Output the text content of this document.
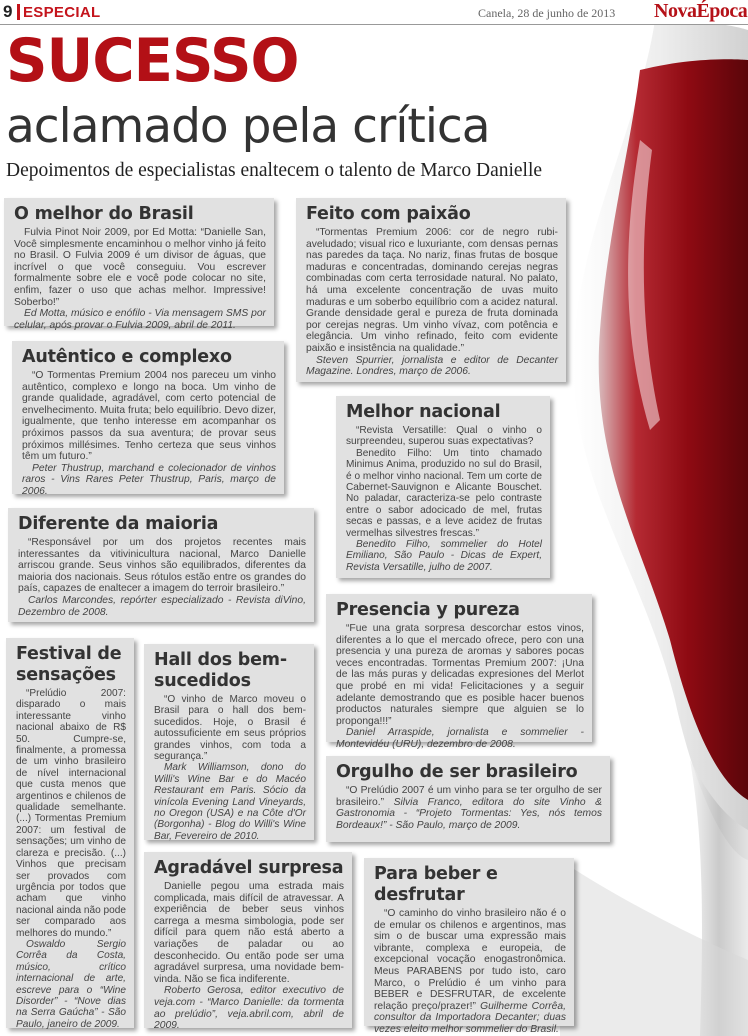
9 ESPECIAL	Canela, 28 de junho de 2013 NovaÉpoca
SUCESSO
aclamado pela crítica
Depoimentos de especialistas enaltecem o talento de Marco Danielle
O melhor do Brasil

Fulvia Pinot Noir 2009, por Ed Motta: “Danielle San, Você simplesmente encaminhou o melhor vinho já feito no Brasil. O Fulvia 2009 é um divisor de águas, que incrível o que você conseguiu. Vou escrever formalmente sobre ele e você pode colocar no site, enfim, fazer o uso que achas melhor. Impressive! Soberbo!”

Ed Motta, músico e enófilo - Via mensagem SMS por celular, após provar o Fulvia 2009, abril de 2011.

Feito com paixão

“Tormentas Premium 2006: cor de negro rubi-aveludado; visual rico e luxuriante, com densas pernas nas paredes da taça. No nariz, finas frutas de bosque maduras e concentradas, dominando cerejas negras combinadas com certa terrosidade natural. No palato, há uma excelente concentração de uvas muito maduras e um soberbo equilíbrio com a acidez natural. Grande densidade geral e pureza de fruta dominada por cerejas negras. Um vinho vívaz, com potência e elegância. Um vinho refinado, feito com evidente paixão e insistência na qualidade.”

Steven Spurrier, jornalista e editor de Decanter Magazine. Londres, março de 2006.

Autêntico e complexo

“O Tormentas Premium 2004 nos pareceu um vinho autêntico, complexo e longo na boca. Um vinho de grande qualidade, agradável, com certo potencial de envelhecimento. Muita fruta; belo equilíbrio. Devo dizer, igualmente, que tenho interesse em acompanhar os próximos passos da sua aventura; de provar seus próximos millésimes. Tenho certeza que seus vinhos têm um futuro.”

Peter Thustrup, marchand e colecionador de vinhos raros - Vins Rares Peter Thustrup, Paris, março de 2006.

Melhor nacional

“Revista Versatille: Qual o vinho o surpreendeu, superou suas expectativas?

Benedito Filho: Um tinto chamado Minimus Anima, produzido no sul do Brasil, é o melhor vinho nacional. Tem um corte de Cabernet-Sauvignon e Alicante Bouschet. No paladar, caracteriza-se pelo contraste entre o sabor adocicado de mel, frutas secas e passas, e a leve acidez de frutas vermelhas silvestres frescas.”

Benedito Filho, sommelier do Hotel Emiliano, São Paulo - Dicas de Expert, Revista Versatille, julho de 2007.

Diferente da maioria

“Responsável por um dos projetos recentes mais interessantes da vitivinicultura nacional, Marco Danielle arriscou grande. Seus vinhos são equilibrados, diferentes da maioria dos nacionais. Seus rótulos estão entre os grandes do país, capazes de enaltecer a imagem do terroir brasileiro.”

Carlos Marcondes, repórter especializado - Revista diVino, Dezembro de 2008.	Presencia y pureza

“Fue una grata sorpresa descorchar estos vinos, diferentes a lo que el mercado ofrece, pero con una presencia y una pureza de aromas y sabores pocas veces encontradas. Tormentas Premium 2007: ¡Una de las más puras y delicadas expresiones del Merlot que probé en mi vida! Felicitaciones y a seguir adelante demostrando que es posible hacer buenos productos naturales siempre que alguien se lo proponga!!!”

Daniel Arraspide, jornalista e sommelier - Montevidéu (URU), dezembro de 2008.

Festival de sensações

“Prelúdio 2007: disparado o mais interessante vinho nacional abaixo de R$ 50. Cumpre-se, finalmente, a promessa de um vinho brasileiro de nível internacional que custa menos que argentinos e chilenos de qualidade semelhante. (...) Tormentas Premium 2007: um festival de sensações; um vinho de clareza e precisão. (...) Vinhos que precisam ser provados com urgência por todos que acham que vinho nacional ainda não pode ser comparado aos melhores do mundo.”

Oswaldo Sergio Corrêa da Costa, músico, crítico internacional de arte, escreve para o “Wine Disorder” - “Nove dias na Serra Gaúcha” - São Paulo, janeiro de 2009.

Hall dos bem-sucedidos

“O vinho de Marco moveu o Brasil para o hall dos bem-sucedidos. Hoje, o Brasil é autossuficiente em seus próprios grandes vinhos, com toda a segurança.”

Mark Williamson, dono do Willi's Wine Bar e do Macéo Restaurant em Paris. Sócio da vinícola Evening Land Vineyards, no Oregon (USA) e na Côte d'Or (Borgonha) - Blog do Willi's Wine Bar, Fevereiro de 2010.

Orgulho de ser brasileiro

“O Prelúdio 2007 é um vinho para se ter orgulho de ser brasileiro.” Silvia Franco, editora do site Vinho & Gastronomia - “Projeto Tormentas: Yes, nós temos Bordeaux!” - São Paulo, março de 2009.

Agradável surpresa

Danielle pegou uma estrada mais complicada, mais difícil de atravessar. A experiência de beber seus vinhos carrega a mesma simbologia, pode ser difícil para quem não está aberto a variações de paladar ou ao desconhecido. Ou então pode ser uma agradável surpresa, uma novidade bem-vinda. Não se fica indiferente.

Roberto Gerosa, editor executivo de veja.com - “Marco Danielle: da tormenta ao prelúdio”, veja.abril.com, abril de 2009.

Para beber e desfrutar

“O caminho do vinho brasileiro não é o de emular os chilenos e argentinos, mas sim o de buscar uma expressão mais vibrante, complexa e europeia, de excepcional vocação enogastronômica. Meus PARABENS por tudo isto, caro Marco, o Prelúdio é um vinho para BEBER e DESFRUTAR, de excelente relação preço/prazer!” Guilherme Corrêa, consultor da Importadora Decanter; duas vezes eleito melhor sommelier do Brasil.
